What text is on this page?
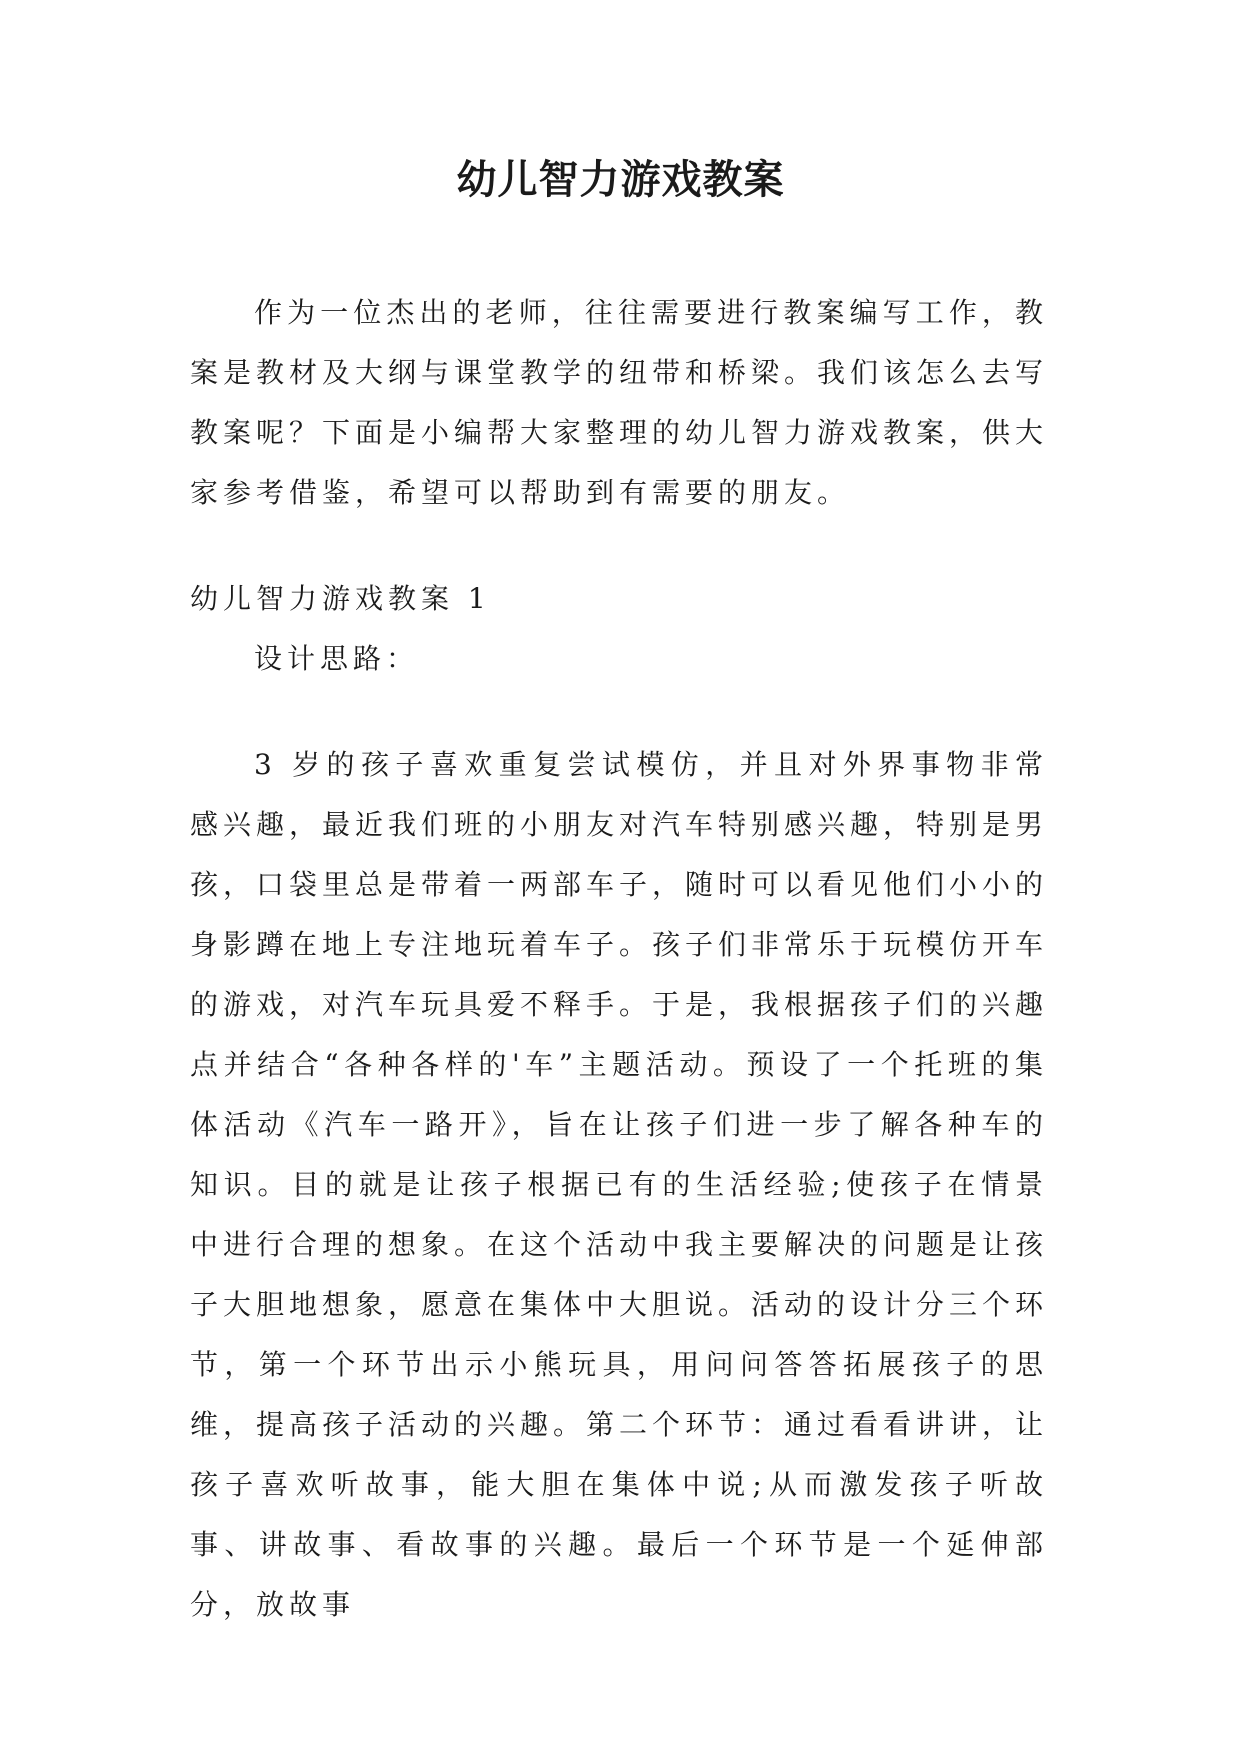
幼儿智力游戏教案

作为一位杰出的老师，往往需要进行教案编写工作，教案是教材及大纲与课堂教学的纽带和桥梁。我们该怎么去写教案呢？下面是小编帮大家整理的幼儿智力游戏教案，供大家参考借鉴，希望可以帮助到有需要的朋友。

幼儿智力游戏教案 1

设计思路：

3 岁的孩子喜欢重复尝试模仿，并且对外界事物非常感兴趣，最近我们班的小朋友对汽车特别感兴趣，特别是男孩，口袋里总是带着一两部车子，随时可以看见他们小小的身影蹲在地上专注地玩着车子。孩子们非常乐于玩模仿开车的游戏，对汽车玩具爱不释手。于是，我根据孩子们的兴趣点并结合“各种各样的'车”主题活动。预设了一个托班的集体活动《汽车一路开》，旨在让孩子们进一步了解各种车的知识。目的就是让孩子根据已有的生活经验;使孩子在情景中进行合理的想象。在这个活动中我主要解决的问题是让孩子大胆地想象，愿意在集体中大胆说。活动的设计分三个环节，第一个环节出示小熊玩具，用问问答答拓展孩子的思维，提高孩子活动的兴趣。第二个环节：通过看看讲讲，让孩子喜欢听故事，能大胆在集体中说;从而激发孩子听故事、讲故事、看故事的兴趣。最后一个环节是一个延伸部分，放故事
